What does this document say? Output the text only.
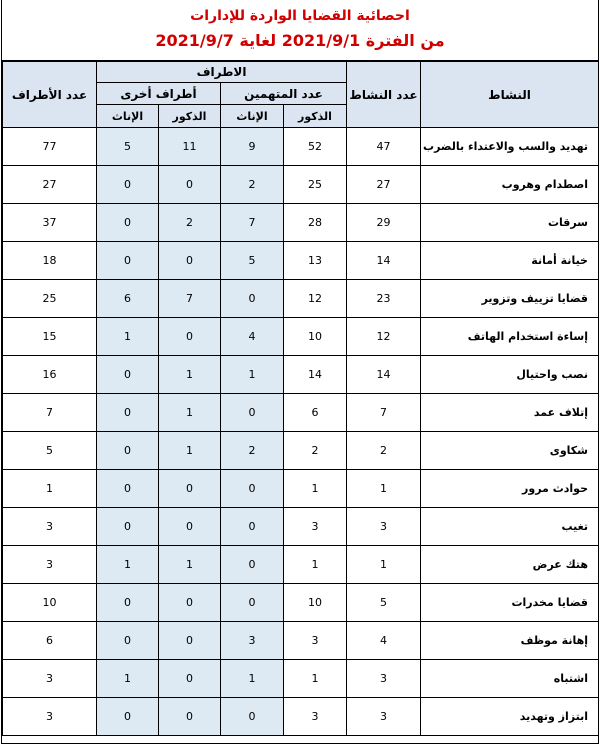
احصائية القضايا الواردة للإدارات
من الفترة 2021/9/1 لغاية 2021/9/7
النشاط	عدد النشاط	الاطراف				عدد الأطراف
		عدد المتهمين		أطراف أخرى		
		الذكور	الإناث	الذكور	الإناث	
تهديد والسب والاعتداء بالضرب	47	52	9	11	5	77
اصطدام وهروب	27	25	2	0	0	27
سرقات	29	28	7	2	0	37
خيانة أمانة	14	13	5	0	0	18
قضايا تزييف وتزوير	23	12	0	7	6	25
إساءة استخدام الهاتف	12	10	4	0	1	15
نصب واحتيال	14	14	1	1	0	16
إتلاف عمد	7	6	0	1	0	7
شكاوى	2	2	2	1	0	5
حوادث مرور	1	1	0	0	0	1
تغيب	3	3	0	0	0	3
هتك عرض	1	1	0	1	1	3
قضايا مخدرات	5	10	0	0	0	10
إهانة موظف	4	3	3	0	0	6
اشتباه	3	1	1	0	1	3
ابتزاز وتهديد	3	3	0	0	0	3
